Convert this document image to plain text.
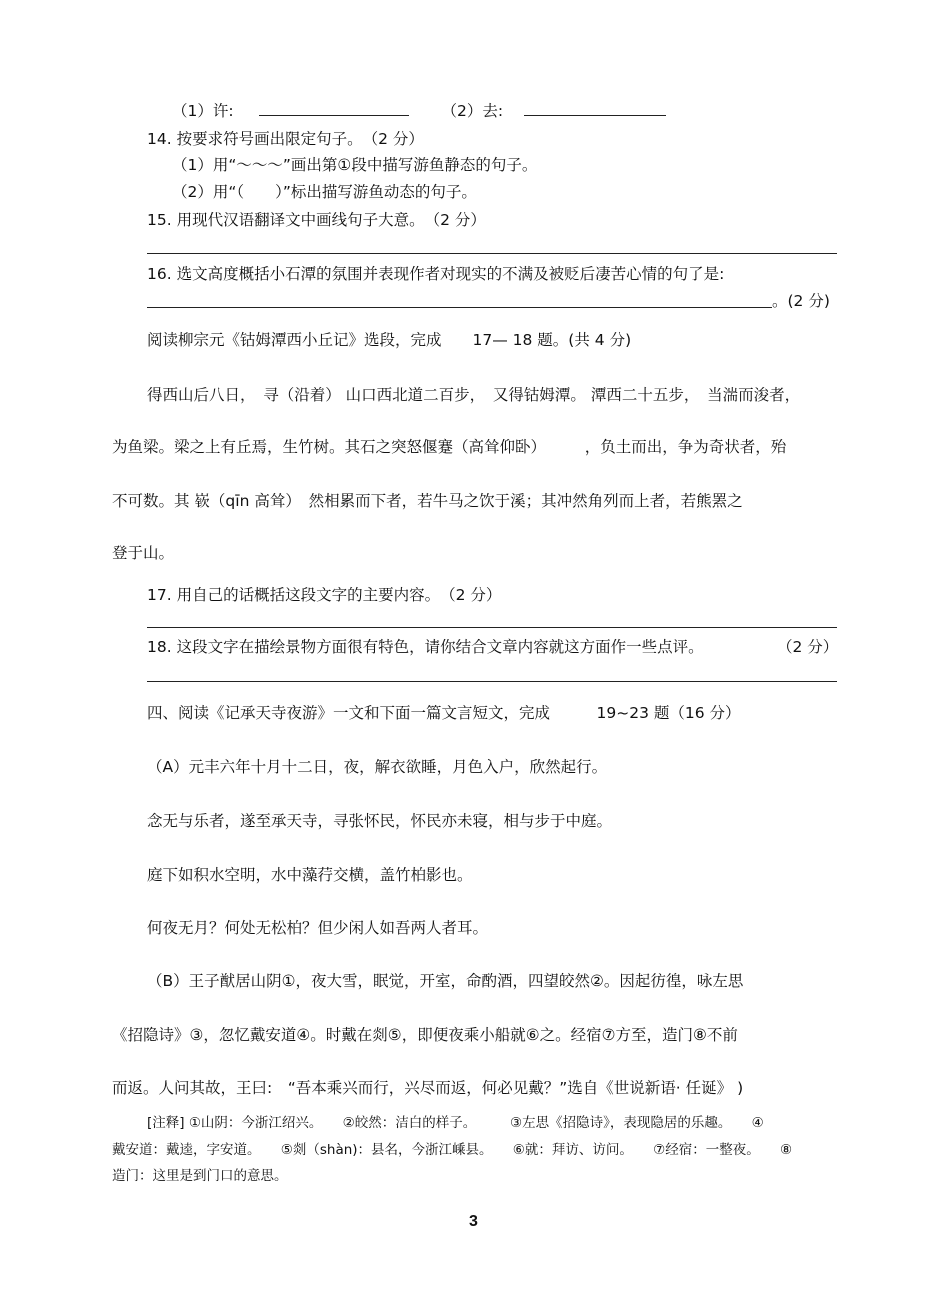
（1）许:	（2）去:
14. 按要求符号画出限定句子。　（2 分）
（1）用“～～～”画出第①段中描写游鱼静态的句子。
（2）用“（　　）”标出描写游鱼动态的句子。
15. 用现代汉语翻译文中画线句子大意。　（2 分）
16. 选文高度概括小石潭的氛围并表现作者对现实的不满及被贬后凄苦心情的句了是:
。(2 分)
阅读柳宗元《钴姆潭西小丘记》选段，完成　　17— 18 题。(共 4 分)
得西山后八日，　寻（沿着） 山口西北道二百步，　又得钴姆潭。 潭西二十五步，　当湍而浚者，
为鱼梁。梁之上有丘焉，生竹树。其石之突怒偃蹇（高耸仰卧）　　　，负土而出，争为奇状者，殆
不可数。其 嵚（qīn 高耸）　然相累而下者，若牛马之饮于溪；其冲然角列而上者，若熊罴之
登于山。
17. 用自己的话概括这段文字的主要内容。　（2 分）
18. 这段文字在描绘景物方面很有特色，请你结合文章内容就这方面作一些点评。	（2 分）
四、阅读《记承天寺夜游》一文和下面一篇文言短文，完成　　　19~23 题（16 分）
（A）元丰六年十月十二日，夜，解衣欲睡，月色入户，欣然起行。
念无与乐者，遂至承天寺，寻张怀民，怀民亦未寝，相与步于中庭。
庭下如积水空明，水中藻荇交横，盖竹柏影也。
何夜无月？何处无松柏？但少闲人如吾两人者耳。
（B）王子猷居山阴①，夜大雪，眠觉，开室，命酌酒，四望皎然②。因起彷徨，咏左思
《招隐诗》③，忽忆戴安道④。时戴在剡⑤，即便夜乘小船就⑥之。经宿⑦方至，造门⑧不前
而返。人问其故，王曰:　“吾本乘兴而行，兴尽而返，何必见戴？”选自《世说新语· 任诞》 )
[注释] ①山阴：今浙江绍兴。　　②皎然：洁白的样子。　　　③左思《招隐诗》，表现隐居的乐趣。　　④
戴安道：戴逵，字安道。　　⑤剡（shàn)：县名，今浙江嵊县。　　⑥就：拜访、访问。　　⑦经宿：一整夜。　　⑧
造门：这里是到门口的意思。
3
